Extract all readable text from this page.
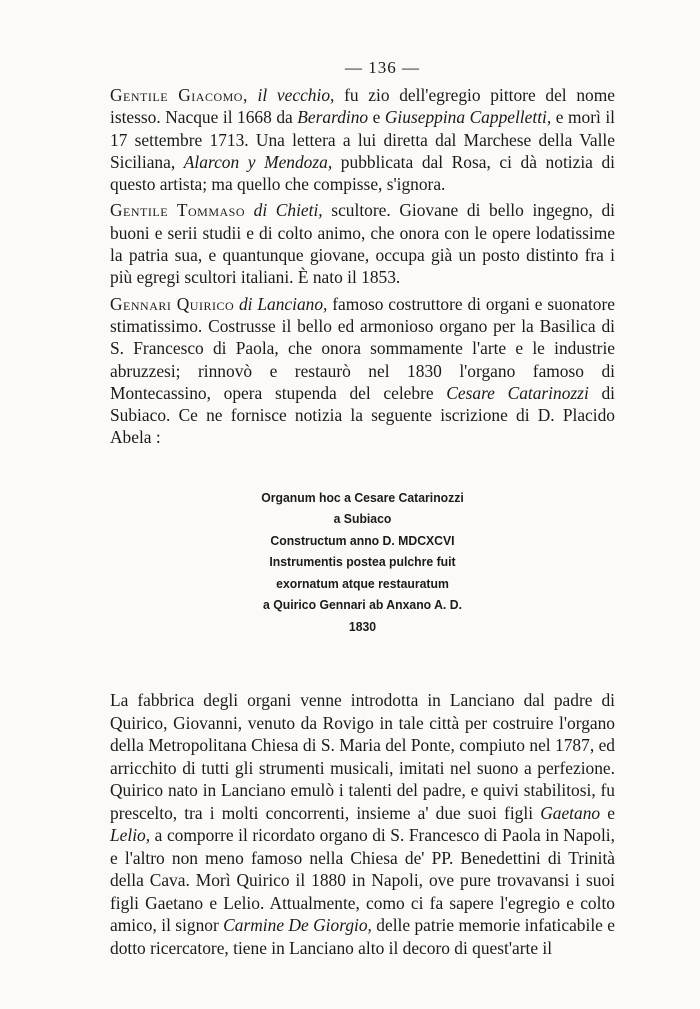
— 136 —

Gentile Giacomo, il vecchio, fu zio dell'egregio pittore del nome istesso. Nacque il 1668 da Berardino e Giuseppina Cappelletti, e morì il 17 settembre 1713. Una lettera a lui diretta dal Marchese della Valle Siciliana, Alarcon y Mendoza, pubblicata dal Rosa, ci dà notizia di questo artista; ma quello che compisse, s'ignora.

Gentile Tommaso di Chieti, scultore. Giovane di bello ingegno, di buoni e serii studii e di colto animo, che onora con le opere lodatissime la patria sua, e quantunque giovane, occupa già un posto distinto fra i più egregi scultori italiani. È nato il 1853.

Gennari Quirico di Lanciano, famoso costruttore di organi e suonatore stimatissimo. Costrusse il bello ed armonioso organo per la Basilica di S. Francesco di Paola, che onora sommamente l'arte e le industrie abruzzesi; rinnovò e restaurò nel 1830 l'organo famoso di Montecassino, opera stupenda del celebre Cesare Catarinozzi di Subiaco. Ce ne fornisce notizia la seguente iscrizione di D. Placido Abela :

Organum hoc a Cesare Catarinozzi
a Subiaco
Constructum anno D. MDCXCVI
Instrumentis postea pulchre fuit
exornatum atque restauratum
a Quirico Gennari ab Anxano A. D.
1830

La fabbrica degli organi venne introdotta in Lanciano dal padre di Quirico, Giovanni, venuto da Rovigo in tale città per costruire l'organo della Metropolitana Chiesa di S. Maria del Ponte, compiuto nel 1787, ed arricchito di tutti gli strumenti musicali, imitati nel suono a perfezione. Quirico nato in Lanciano emulò i talenti del padre, e quivi stabilitosi, fu prescelto, tra i molti concorrenti, insieme a' due suoi figli Gaetano e Lelio, a comporre il ricordato organo di S. Francesco di Paola in Napoli, e l'altro non meno famoso nella Chiesa de' PP. Benedettini di Trinità della Cava. Morì Quirico il 1880 in Napoli, ove pure trovavansi i suoi figli Gaetano e Lelio. Attualmente, como ci fa sapere l'egregio e colto amico, il signor Carmine De Giorgio, delle patrie memorie infaticabile e dotto ricercatore, tiene in Lanciano alto il decoro di quest'arte il
